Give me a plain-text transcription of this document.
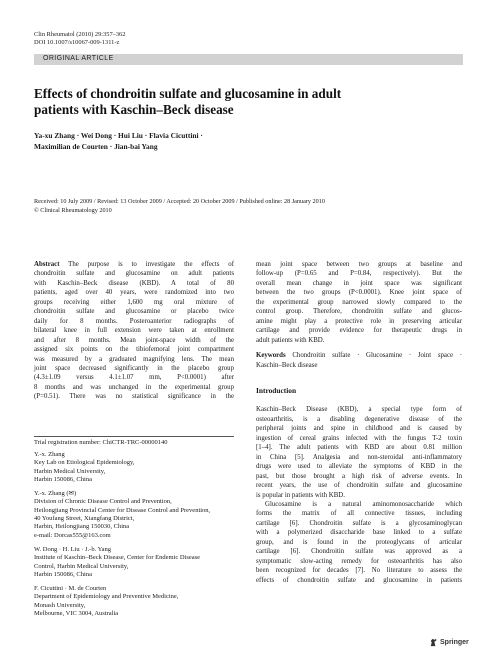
Clin Rheumatol (2010) 29:357–362
DOI 10.1007/s10067-009-1311-z
ORIGINAL ARTICLE
Effects of chondroitin sulfate and glucosamine in adult
patients with Kaschin–Beck disease
Ya-xu Zhang · Wei Dong · Hui Liu · Flavia Cicuttini ·
Maximilian de Courten · Jian-bai Yang
Received: 10 July 2009 / Revised: 13 October 2009 / Accepted: 20 October 2009 / Published online: 28 January 2010
© Clinical Rheumatology 2010
Abstract The purpose is to investigate the effects of
chondroitin sulfate and glucosamine on adult patients
with Kaschin–Beck disease (KBD). A total of 80
patients, aged over 40 years, were randomized into two
groups receiving either 1,600 mg oral mixture of
chondroitin sulfate and glucosamine or placebo twice
daily for 8 months. Posteroanterior radiographs of
bilateral knee in full extension were taken at enrollment
and after 8 months. Mean joint-space width of the
assigned six points on the tibiofemoral joint compartment
was measured by a graduated magnifying lens. The mean
joint space decreased significantly in the placebo group
(4.3±1.09 versus 4.1±1.07 mm, P<0.0001) after
8 months and was unchanged in the experimental group
(P=0.51). There was no statistical significance in the
Trial registration number: ChiCTR-TRC-00000140
Y.-x. Zhang
Key Lab on Etiological Epidemiology,
Harbin Medical University,
Harbin 150086, China
Y.-x. Zhang (✉)
Division of Chronic Disease Control and Prevention,
Heilongjiang Provincial Center for Disease Control and Prevention,
40 Youfang Street, Xiangfang District,
Harbin, Heilongjiang 150030, China
e-mail: Dorcas555@163.com
W. Dong · H. Liu · J.-b. Yang
Institute of Kaschin–Beck Disease, Center for Endemic Disease
Control, Harbin Medical University,
Harbin 150086, China
F. Cicuttini · M. de Courten
Department of Epidemiology and Preventive Medicine,
Monash University,
Melbourne, VIC 3004, Australia
mean joint space between two groups at baseline and
follow-up (P=0.65 and P=0.84, respectively). But the
overall mean change in joint space was significant
between the two groups (P<0.0001). Knee joint space of
the experimental group narrowed slowly compared to the
control group. Therefore, chondroitin sulfate and glucos-
amine might play a protective role in preserving articular
cartilage and provide evidence for therapeutic drugs in
adult patients with KBD.
Keywords Chondroitin sulfate · Glucosamine · Joint space ·
Kaschin–Beck disease
Introduction
Kaschin–Beck Disease (KBD), a special type form of
osteoarthritis, is a disabling degenerative disease of the
peripheral joints and spine in childhood and is caused by
ingestion of cereal grains infected with the fungus T-2 toxin
[1–4]. The adult patients with KBD are about 0.81 million
in China [5]. Analgesia and non-steroidal anti-inflammatory
drugs were used to alleviate the symptoms of KBD in the
past, but those brought a high risk of adverse events. In
recent years, the use of chondroitin sulfate and glucosamine
is popular in patients with KBD.
Glucosamine is a natural aminomonosaccharide which
forms the matrix of all connective tissues, including
cartilage [6]. Chondroitin sulfate is a glycosaminoglycan
with a polymerized disaccharide base linked to a sulfate
group, and is found in the proteoglycans of articular
cartilage [6]. Chondroitin sulfate was approved as a
symptomatic slow-acting remedy for osteoarthritis has also
been recognized for decades [7]. No literature to assess the
effects of chondroitin sulfate and glucosamine in patients
Springer
